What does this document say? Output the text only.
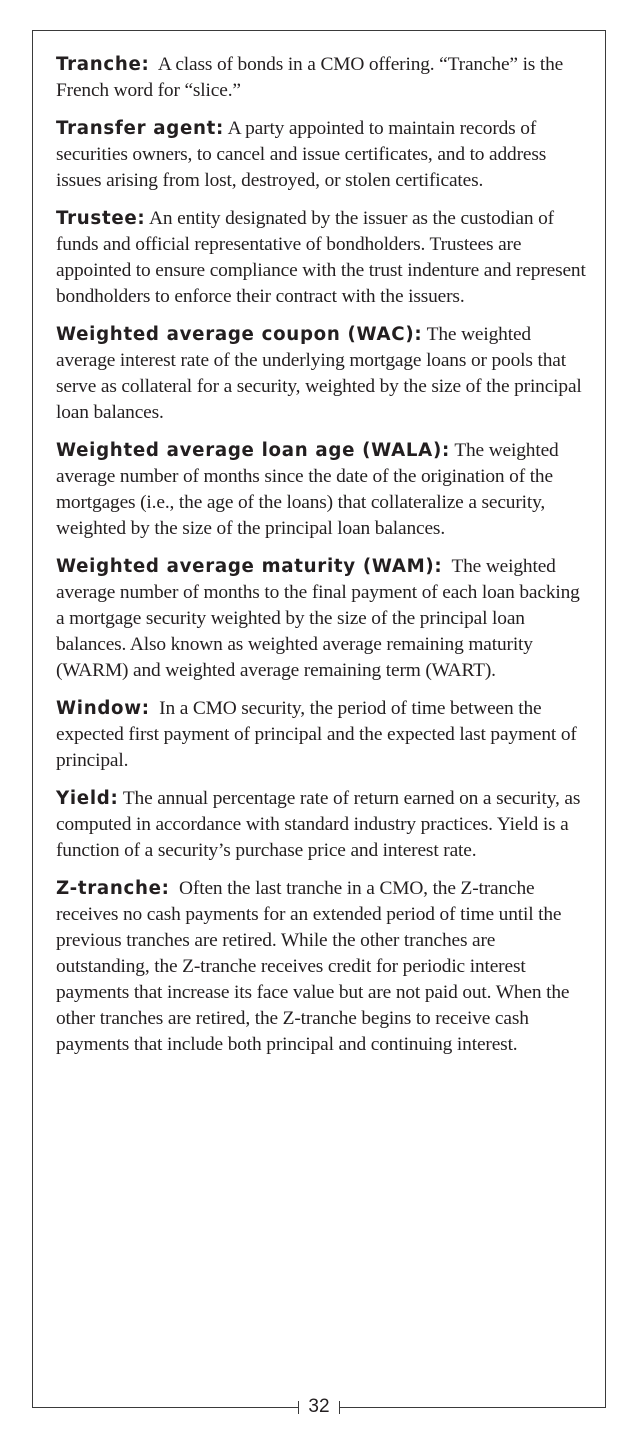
32

Tranche: A class of bonds in a CMO offering. “Tranche” is the French word for “slice.”

Transfer agent: A party appointed to maintain records of securities owners, to cancel and issue certificates, and to address issues arising from lost, destroyed, or stolen certificates.

Trustee: An entity designated by the issuer as the custodian of funds and official representative of bondholders. Trustees are appointed to ensure compliance with the trust indenture and represent bondholders to enforce their contract with the issuers.

Weighted average coupon (WAC): The weighted average interest rate of the underlying mortgage loans or pools that serve as collateral for a security, weighted by the size of the principal loan balances.

Weighted average loan age (WALA): The weighted average number of months since the date of the origination of the mortgages (i.e., the age of the loans) that collateralize a security, weighted by the size of the principal loan balances.

Weighted average maturity (WAM): The weighted average number of months to the final payment of each loan backing a mortgage security weighted by the size of the principal loan balances. Also known as weighted average remaining maturity (WARM) and weighted average remaining term (WART).

Window: In a CMO security, the period of time between the expected first payment of principal and the expected last payment of principal.

Yield: The annual percentage rate of return earned on a security, as computed in accordance with standard industry practices. Yield is a function of a security’s purchase price and interest rate.

Z-tranche: Often the last tranche in a CMO, the Z-tranche receives no cash payments for an extended period of time until the previous tranches are retired. While the other tranches are outstanding, the Z-tranche receives credit for periodic interest payments that increase its face value but are not paid out. When the other tranches are retired, the Z-tranche begins to receive cash payments that include both principal and continuing interest.
